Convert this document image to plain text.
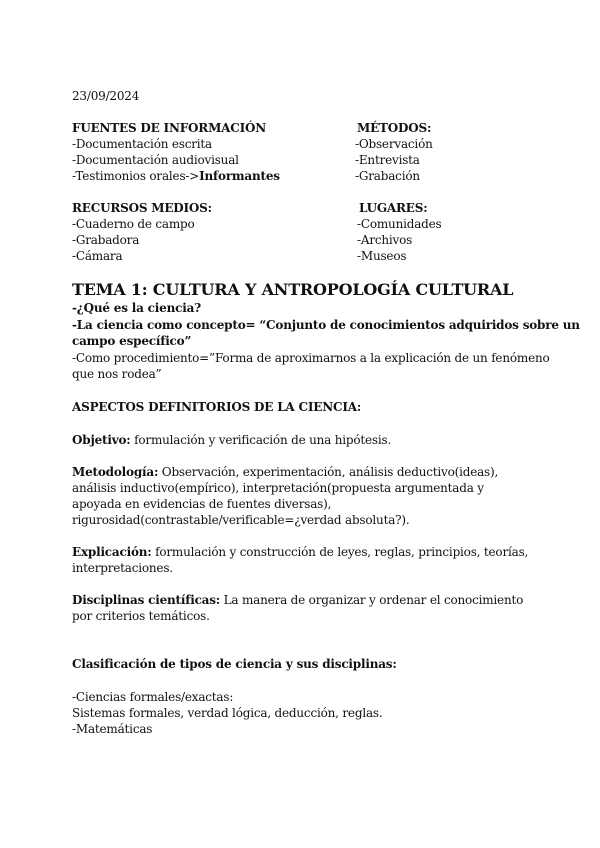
23/09/2024
FUENTES DE INFORMACIÓN
-Documentación escrita
-Documentación audiovisual
-Testimonios orales->Informantes
MÉTODOS:
-Observación
-Entrevista
-Grabación
RECURSOS MEDIOS:
-Cuaderno de campo
-Grabadora
-Cámara
LUGARES:
-Comunidades
-Archivos
-Museos
TEMA 1: CULTURA Y ANTROPOLOGÍA CULTURAL
-¿Qué es la ciencia?
-La ciencia como concepto= “Conjunto de conocimientos adquiridos sobre un
campo específico”
-Como procedimiento=”Forma de aproximarnos a la explicación de un fenómeno
que nos rodea”
ASPECTOS DEFINITORIOS DE LA CIENCIA:
Objetivo: formulación y verificación de una hipótesis.
Metodología: Observación, experimentación, análisis deductivo(ideas), análisis inductivo(empírico), interpretación(propuesta argumentada y apoyada en evidencias de fuentes diversas), rigurosidad(contrastable/verificable=¿verdad absoluta?).
Explicación: formulación y construcción de leyes, reglas, principios, teorías, interpretaciones.
Disciplinas científicas: La manera de organizar y ordenar el conocimiento por criterios temáticos.
Clasificación de tipos de ciencia y sus disciplinas:
-Ciencias formales/exactas:
Sistemas formales, verdad lógica, deducción, reglas.
-Matemáticas
